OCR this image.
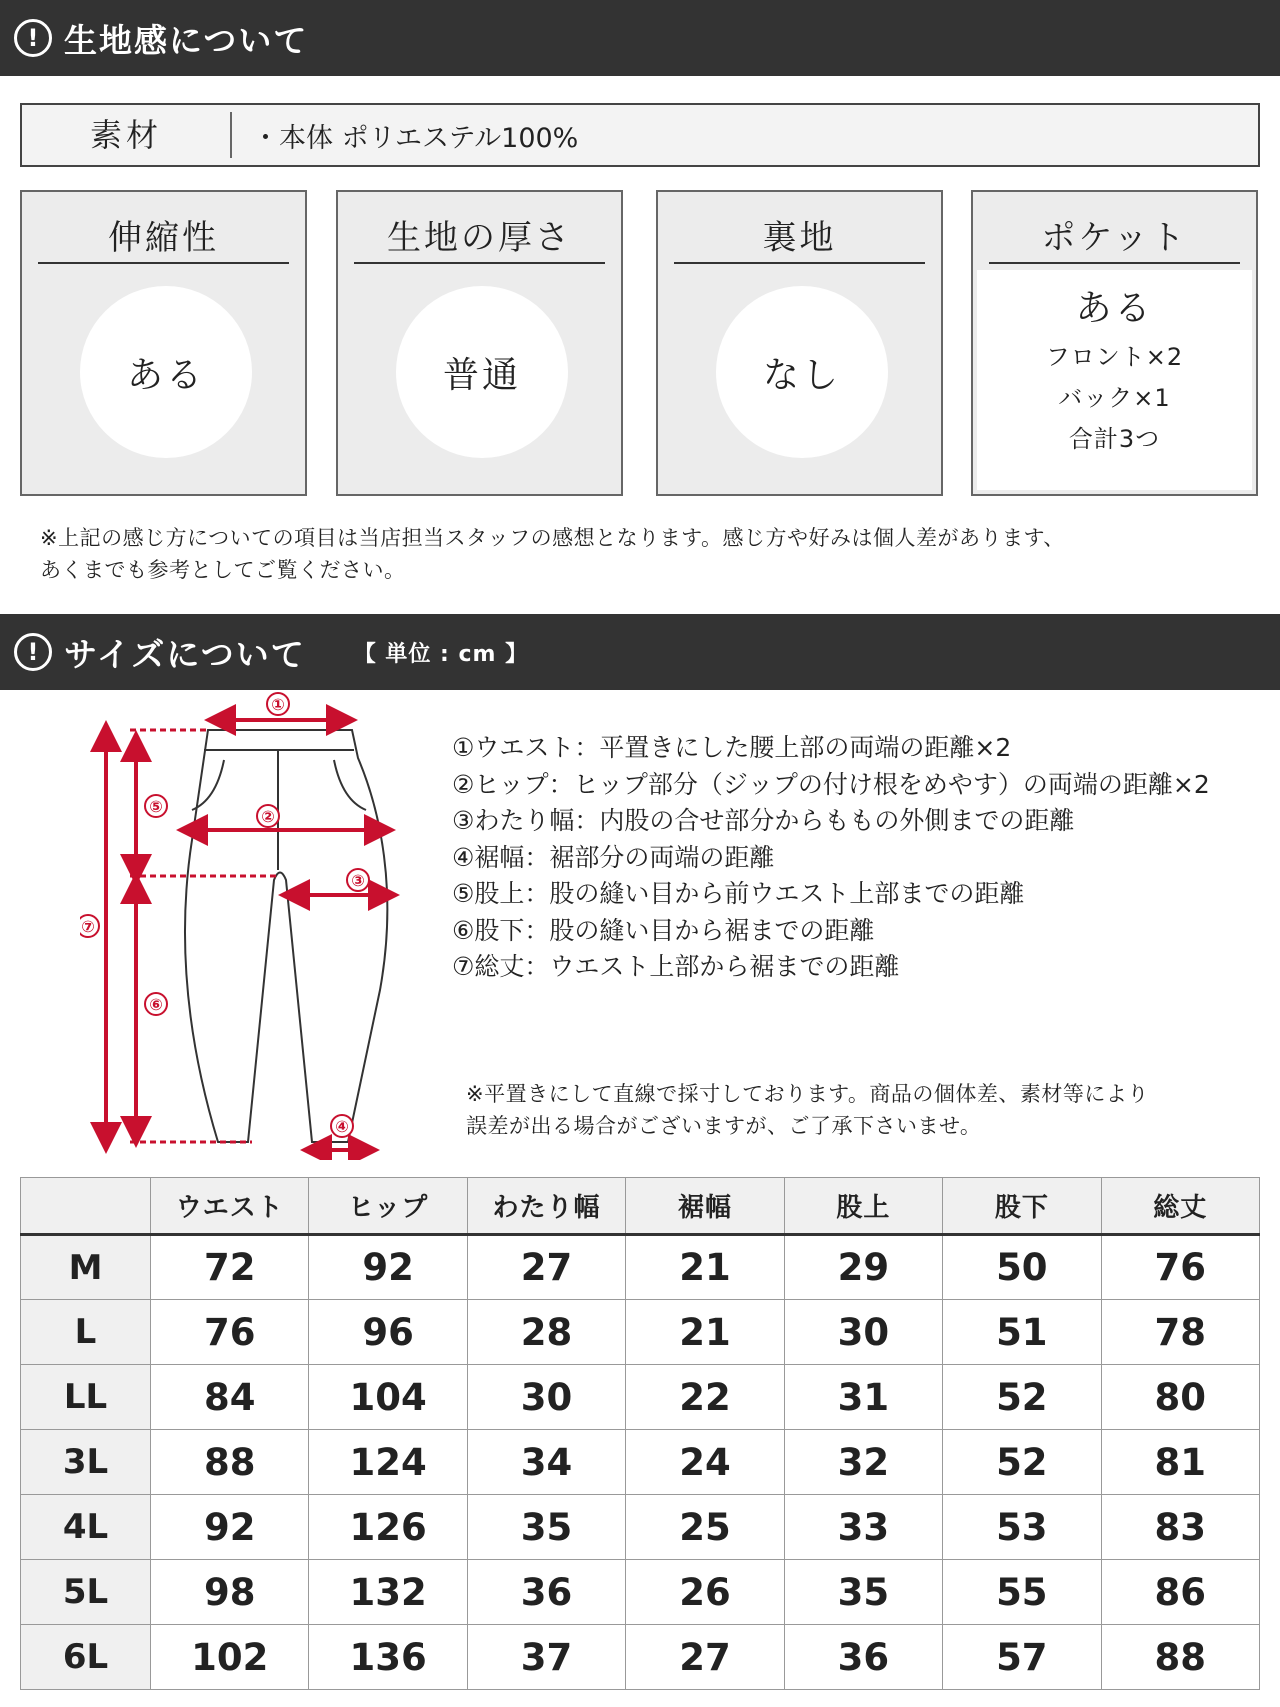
! 生地感について
素材	・本体 ポリエステル100%
伸縮性
ある
生地の厚さ
普通
裏地
なし
ポケット
ある
フロント×2
バック×1
合計3つ
※上記の感じ方についての項目は当店担当スタッフの感想となります。感じ方や好みは個人差があります、
あくまでも参考としてご覧ください。
! サイズについて 【 単位 : cm 】
①
②
③
④
⑤
⑥
⑦
①ウエスト：平置きにした腰上部の両端の距離×2
②ヒップ：ヒップ部分（ジップの付け根をめやす）の両端の距離×2
③わたり幅：内股の合せ部分からももの外側までの距離
④裾幅：裾部分の両端の距離
⑤股上：股の縫い目から前ウエスト上部までの距離
⑥股下：股の縫い目から裾までの距離
⑦総丈：ウエスト上部から裾までの距離
※平置きにして直線で採寸しております。商品の個体差、素材等により
誤差が出る場合がございますが、ご了承下さいませ。
	ウエスト	ヒップ	わたり幅	裾幅	股上	股下	総丈
M	72	92	27	21	29	50	76
L	76	96	28	21	30	51	78
LL	84	104	30	22	31	52	80
3L	88	124	34	24	32	52	81
4L	92	126	35	25	33	53	83
5L	98	132	36	26	35	55	86
6L	102	136	37	27	36	57	88
